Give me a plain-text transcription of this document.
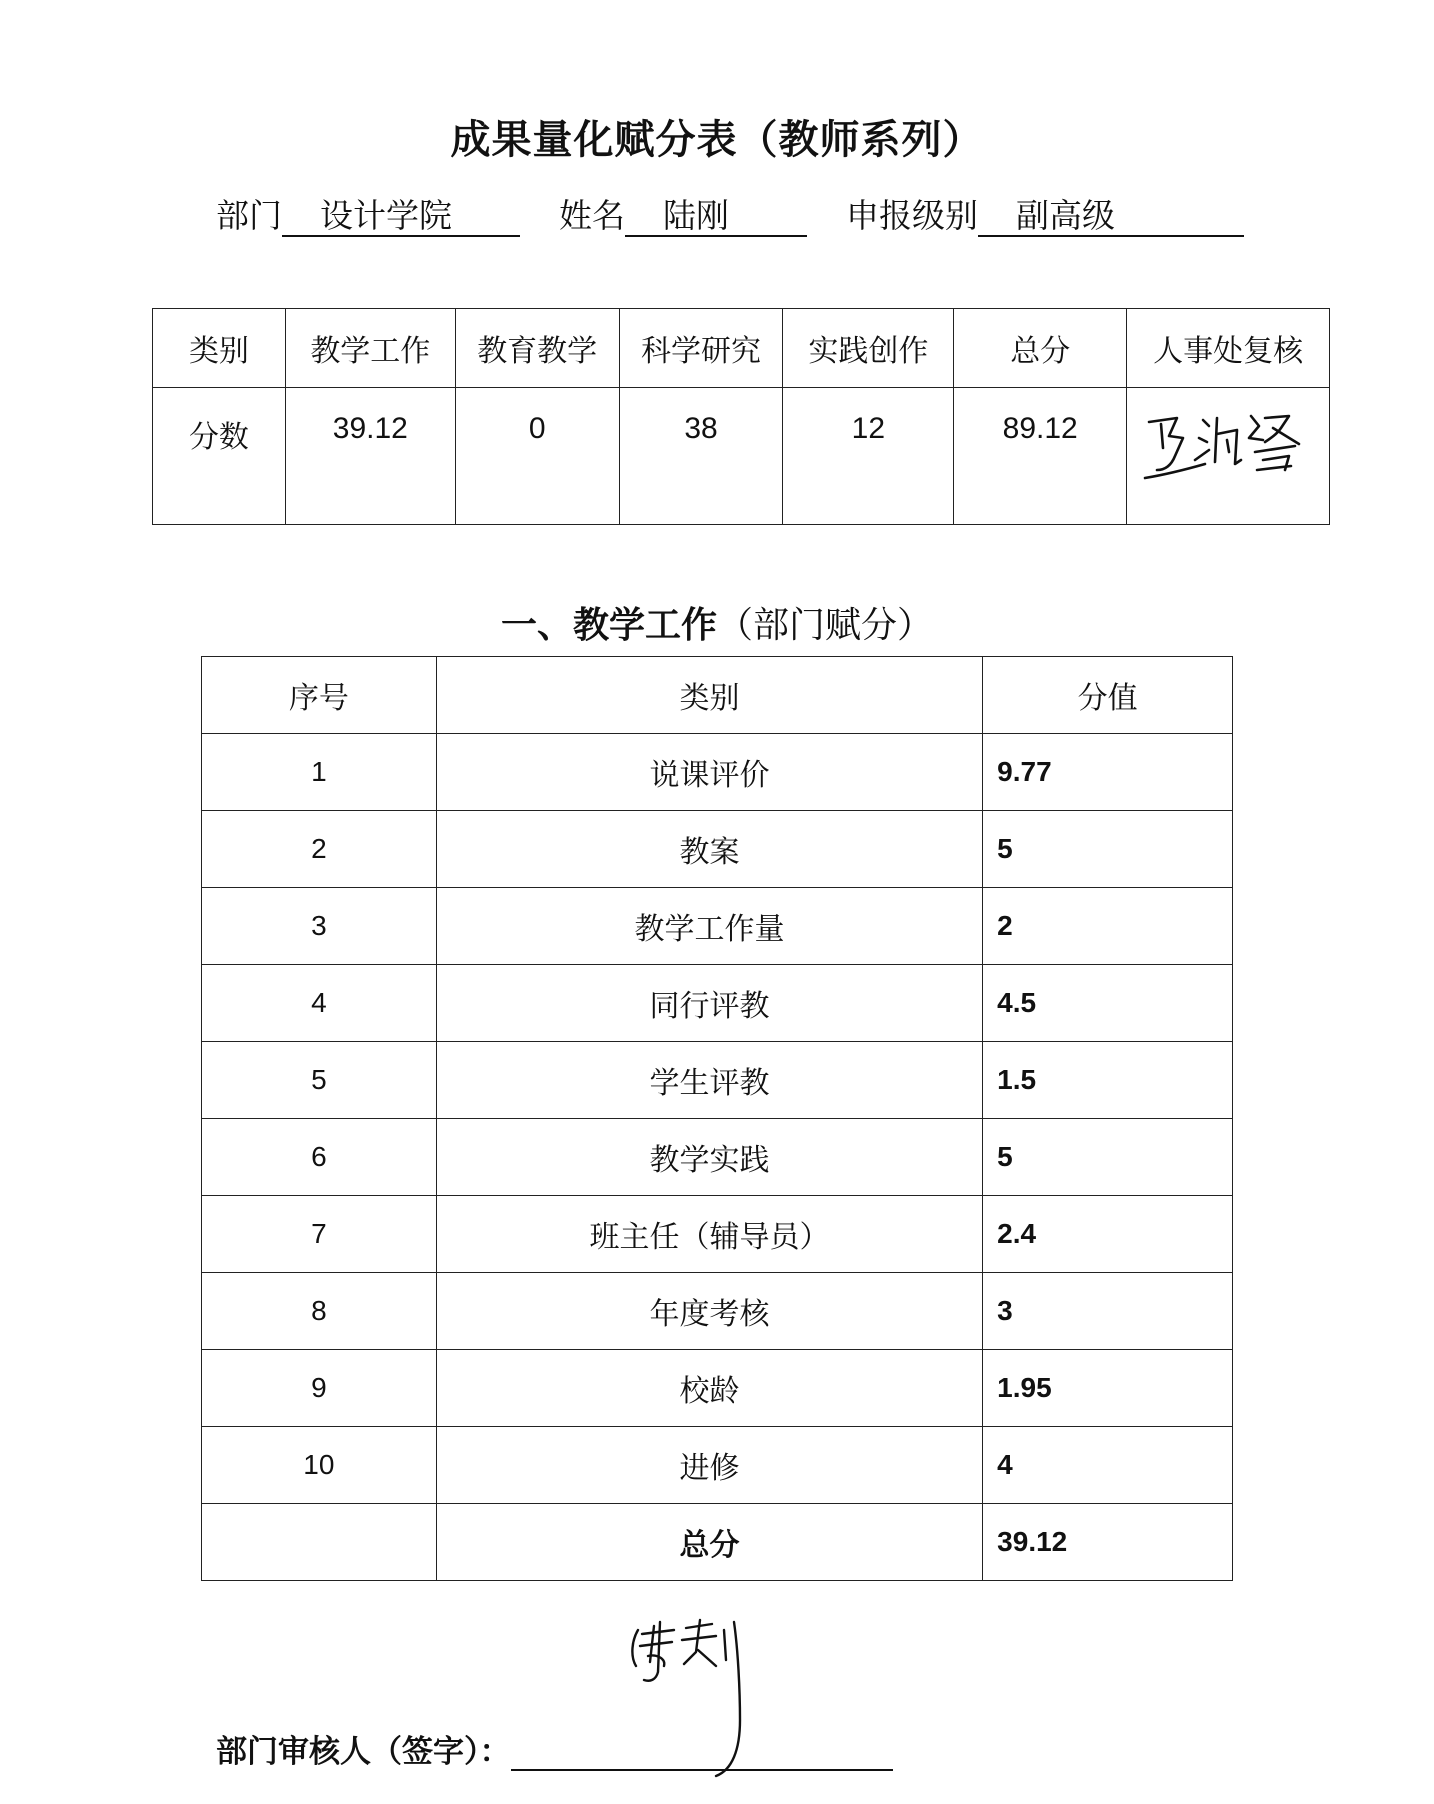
成果量化赋分表（教师系列）
部门 设计学院	姓名 陆刚	申报级别 副高级
类别	教学工作	教育教学	科学研究	实践创作	总分	人事处复核
分数	39.12	0	38	12	89.12	
一、教学工作（部门赋分）
序号	类别	分值
1	说课评价	9.77
2	教案	5
3	教学工作量	2
4	同行评教	4.5
5	学生评教	1.5
6	教学实践	5
7	班主任（辅导员）	2.4
8	年度考核	3
9	校龄	1.95
10	进修	4
	总分	39.12
部门审核人（签字）：
